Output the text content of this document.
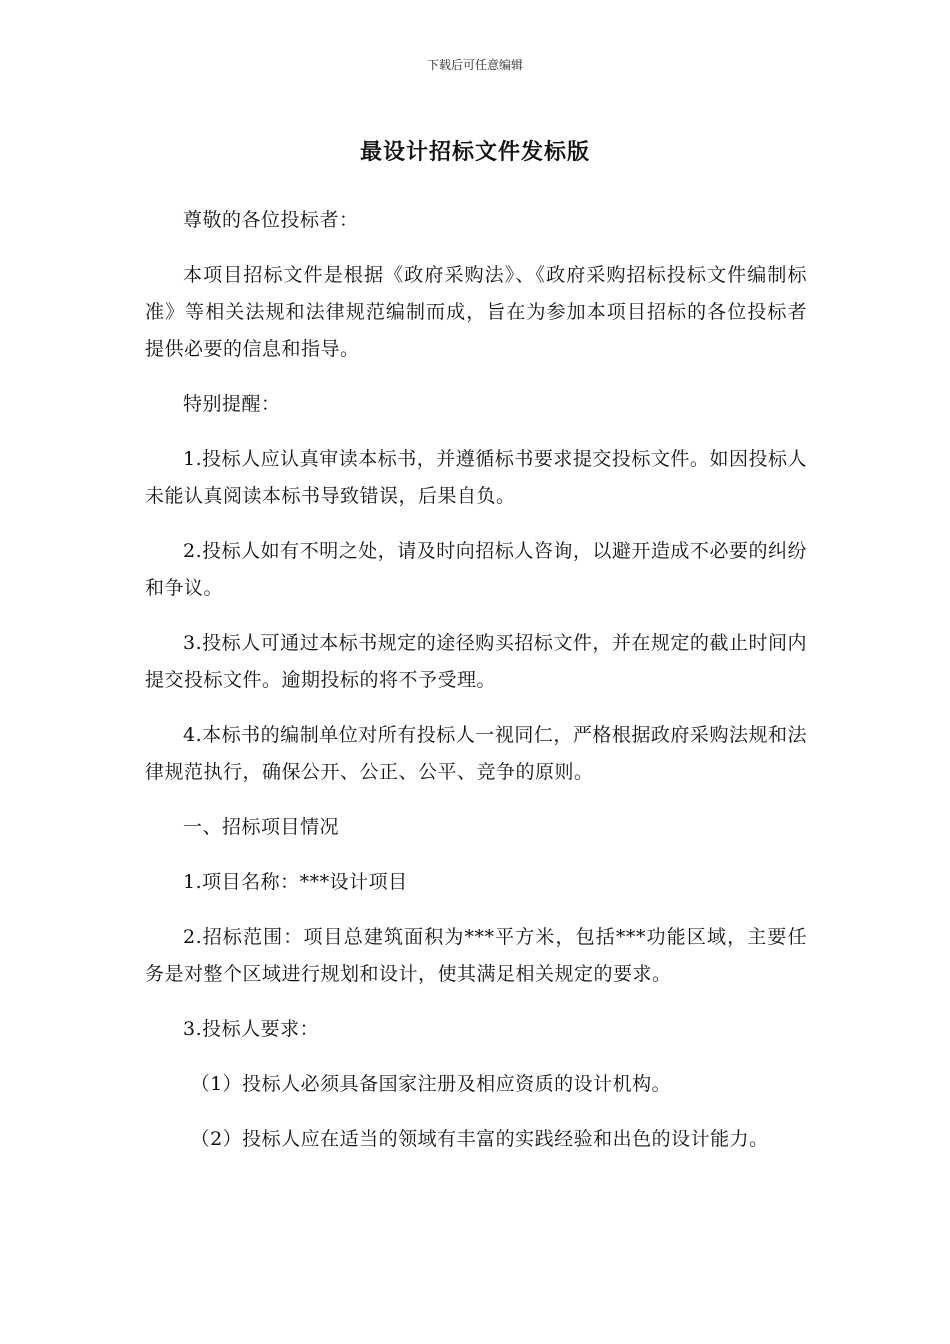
下载后可任意编辑
最设计招标文件发标版

尊敬的各位投标者：

本项目招标文件是根据《政府采购法》、《政府采购招标投标文件编制标准》等相关法规和法律规范编制而成，旨在为参加本项目招标的各位投标者提供必要的信息和指导。

特别提醒：

1.投标人应认真审读本标书，并遵循标书要求提交投标文件。如因投标人未能认真阅读本标书导致错误，后果自负。

2.投标人如有不明之处，请及时向招标人咨询，以避开造成不必要的纠纷和争议。

3.投标人可通过本标书规定的途径购买招标文件，并在规定的截止时间内提交投标文件。逾期投标的将不予受理。

4.本标书的编制单位对所有投标人一视同仁，严格根据政府采购法规和法律规范执行，确保公开、公正、公平、竞争的原则。

一、招标项目情况

1.项目名称：***设计项目

2.招标范围：项目总建筑面积为***平方米，包括***功能区域，主要任务是对整个区域进行规划和设计，使其满足相关规定的要求。

3.投标人要求：

（1）投标人必须具备国家注册及相应资质的设计机构。

（2）投标人应在适当的领域有丰富的实践经验和出色的设计能力。
